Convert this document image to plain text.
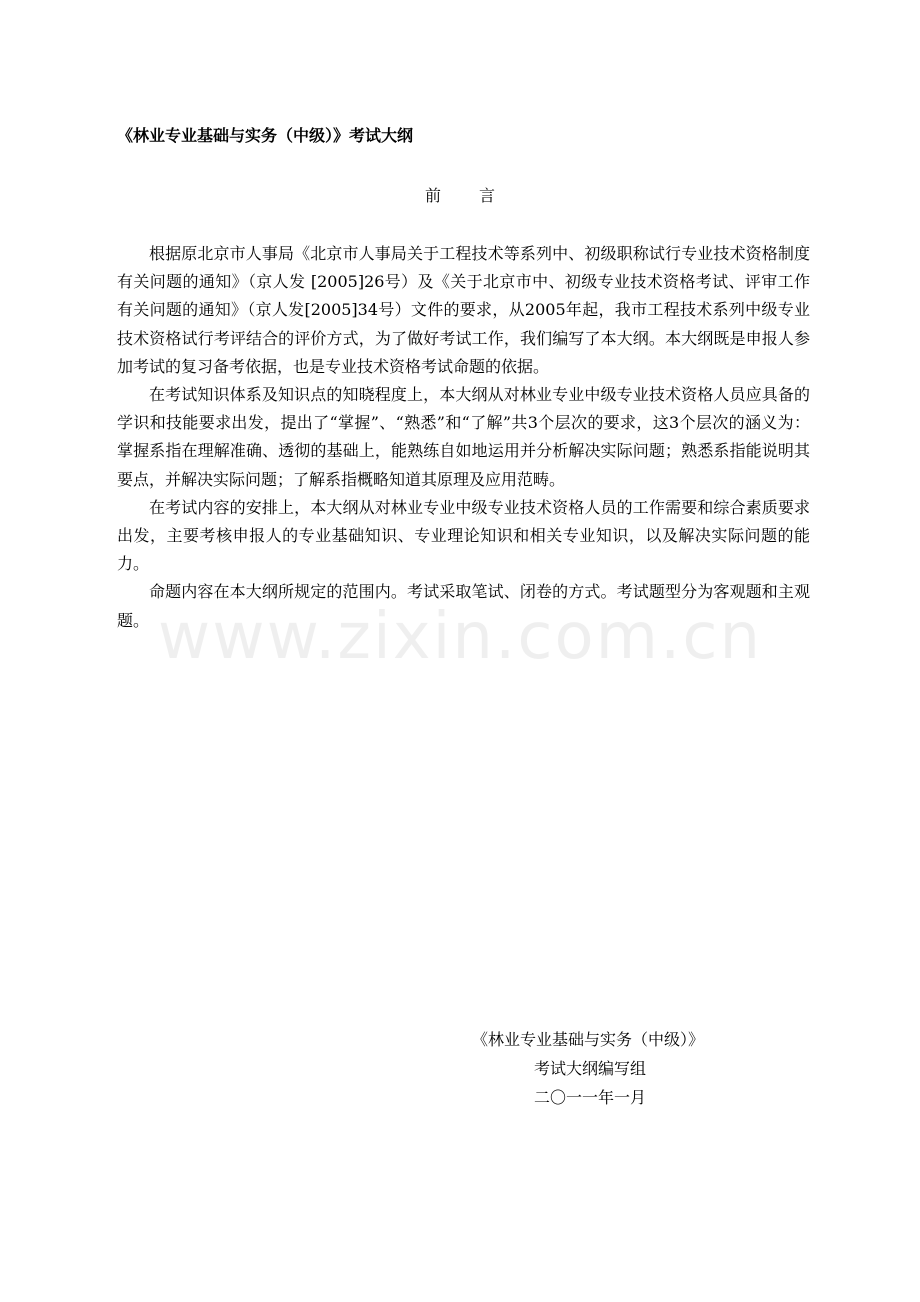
www.zixin.com.cn
《林业专业基础与实务（中级）》考试大纲
前言

根据原北京市人事局《北京市人事局关于工程技术等系列中、初级职称试行专业技术资格制度有关问题的通知》（京人发 [2005]26号）及《关于北京市中、初级专业技术资格考试、评审工作有关问题的通知》（京人发[2005]34号）文件的要求，从2005年起，我市工程技术系列中级专业技术资格试行考评结合的评价方式，为了做好考试工作，我们编写了本大纲。本大纲既是申报人参加考试的复习备考依据，也是专业技术资格考试命题的依据。

在考试知识体系及知识点的知晓程度上，本大纲从对林业专业中级专业技术资格人员应具备的学识和技能要求出发，提出了“掌握”、“熟悉”和“了解”共3个层次的要求，这3个层次的涵义为：掌握系指在理解准确、透彻的基础上，能熟练自如地运用并分析解决实际问题；熟悉系指能说明其要点，并解决实际问题；了解系指概略知道其原理及应用范畴。

在考试内容的安排上，本大纲从对林业专业中级专业技术资格人员的工作需要和综合素质要求出发，主要考核申报人的专业基础知识、专业理论知识和相关专业知识，以及解决实际问题的能力。

命题内容在本大纲所规定的范围内。考试采取笔试、闭卷的方式。考试题型分为客观题和主观题。

《林业专业基础与实务（中级）》
考试大纲编写组
二〇一一年一月
